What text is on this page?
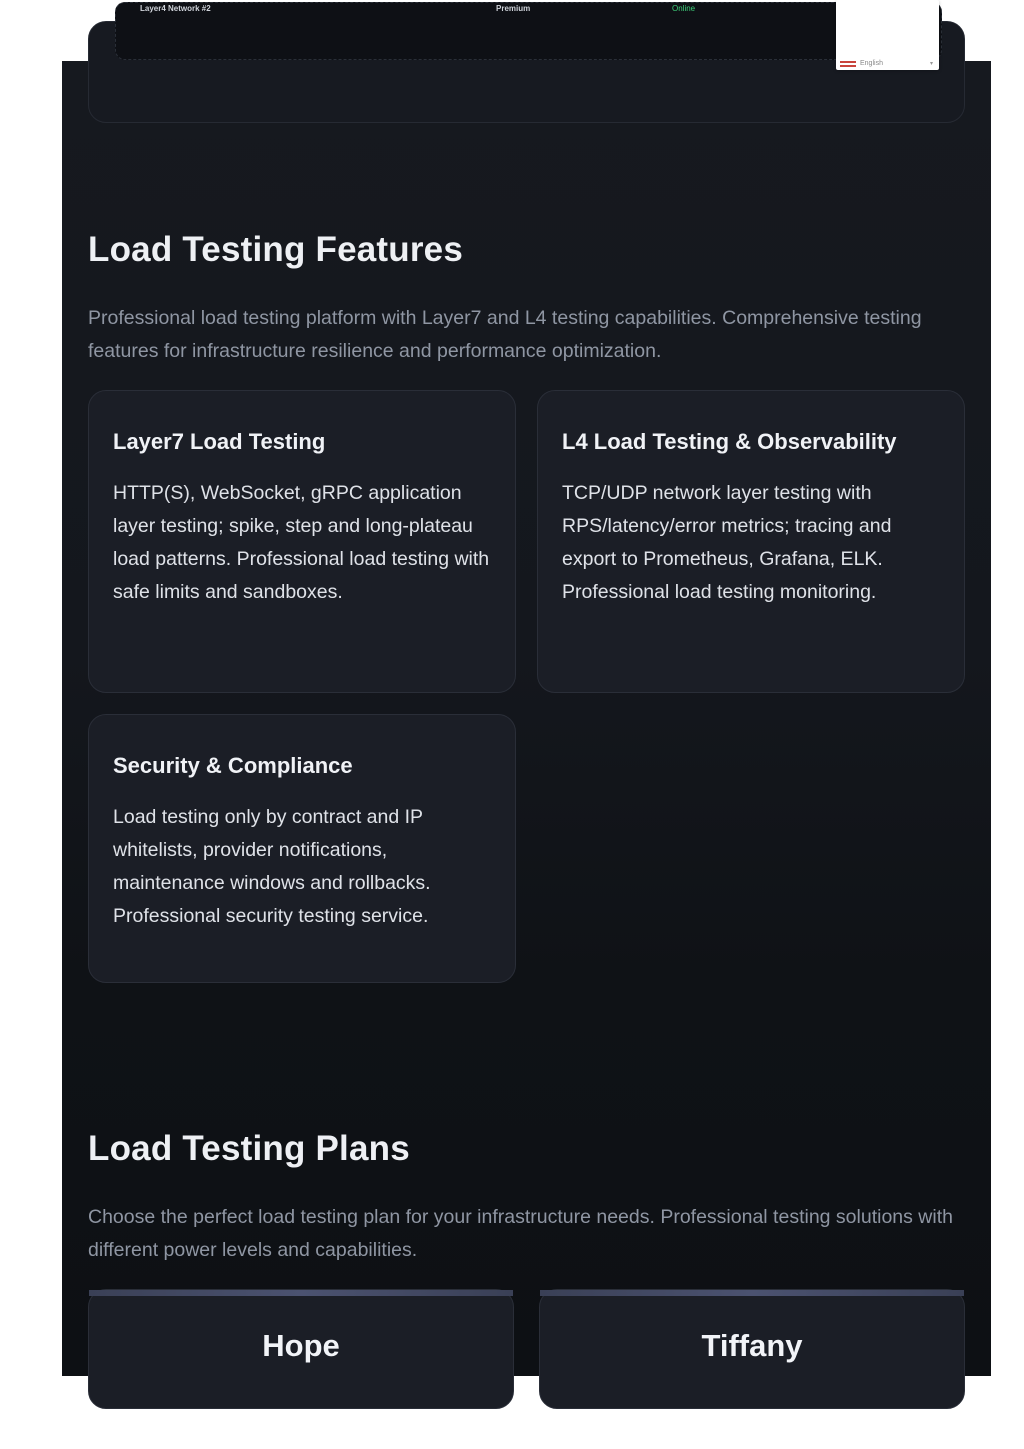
Layer4 Network #2	Premium	Online
English	▾
Load Testing Features

Professional load testing platform with Layer7 and L4 testing capabilities. Comprehensive testing features for infrastructure resilience and performance optimization.

Layer7 Load Testing

HTTP(S), WebSocket, gRPC application layer testing; spike, step and long-plateau load patterns. Professional load testing with safe limits and sandboxes.

L4 Load Testing & Observability

TCP/UDP network layer testing with RPS/latency/error metrics; tracing and export to Prometheus, Grafana, ELK. Professional load testing monitoring.

Security & Compliance

Load testing only by contract and IP whitelists, provider notifications, maintenance windows and rollbacks. Professional security testing service.

Load Testing Plans

Choose the perfect load testing plan for your infrastructure needs. Professional testing solutions with different power levels and capabilities.

Hope	Tiffany
